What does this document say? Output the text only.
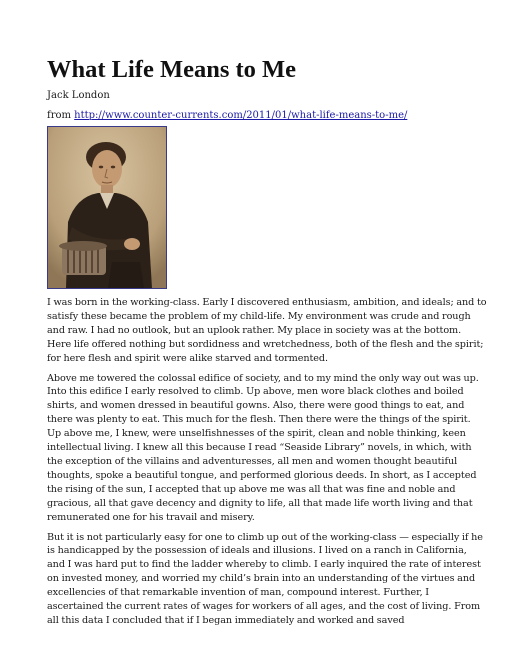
What Life Means to Me
Jack London
from http://www.counter-currents.com/2011/01/what-life-means-to-me/

I was born in the working-class. Early I discovered enthusiasm, ambition, and ideals; and to satisfy these became the problem of my child-life. My environment was crude and rough and raw. I had no outlook, but an uplook rather. My place in society was at the bottom. Here life offered nothing but sordidness and wretchedness, both of the flesh and the spirit; for here flesh and spirit were alike starved and tormented.

Above me towered the colossal edifice of society, and to my mind the only way out was up. Into this edifice I early resolved to climb. Up above, men wore black clothes and boiled shirts, and women dressed in beautiful gowns. Also, there were good things to eat, and there was plenty to eat. This much for the flesh. Then there were the things of the spirit. Up above me, I knew, were unselfishnesses of the spirit, clean and noble thinking, keen intellectual living. I knew all this because I read “Seaside Library” novels, in which, with the exception of the villains and adventuresses, all men and women thought beautiful thoughts, spoke a beautiful tongue, and performed glorious deeds. In short, as I accepted the rising of the sun, I accepted that up above me was all that was fine and noble and gracious, all that gave decency and dignity to life, all that made life worth living and that remunerated one for his travail and misery.

But it is not particularly easy for one to climb up out of the working-class — especially if he is handicapped by the possession of ideals and illusions. I lived on a ranch in California, and I was hard put to find the ladder whereby to climb. I early inquired the rate of interest on invested money, and worried my child’s brain into an understanding of the virtues and excellencies of that remarkable invention of man, compound interest. Further, I ascertained the current rates of wages for workers of all ages, and the cost of living. From all this data I concluded that if I began immediately and worked and saved
